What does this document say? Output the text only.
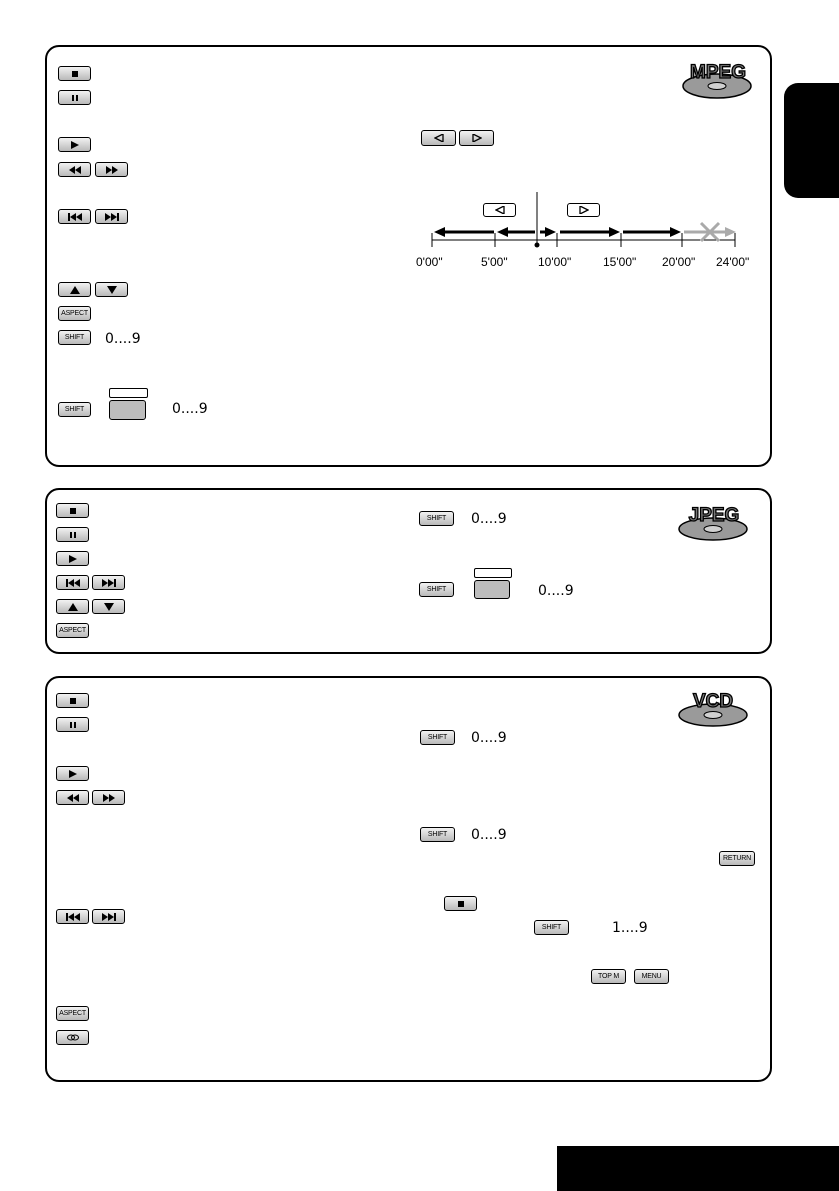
MPEG
ASPECT
SHIFT 0....9
SHIFT	0....9
0'00"	5'00"	10'00"	15'00" 20'00" 24'00"
JPEG
ASPECT
SHIFT 0....9
SHIFT	0....9
VCD
ASPECT
SHIFT 0....9
SHIFT 0....9
RETURN
SHIFT	1....9
TOP M	MENU
